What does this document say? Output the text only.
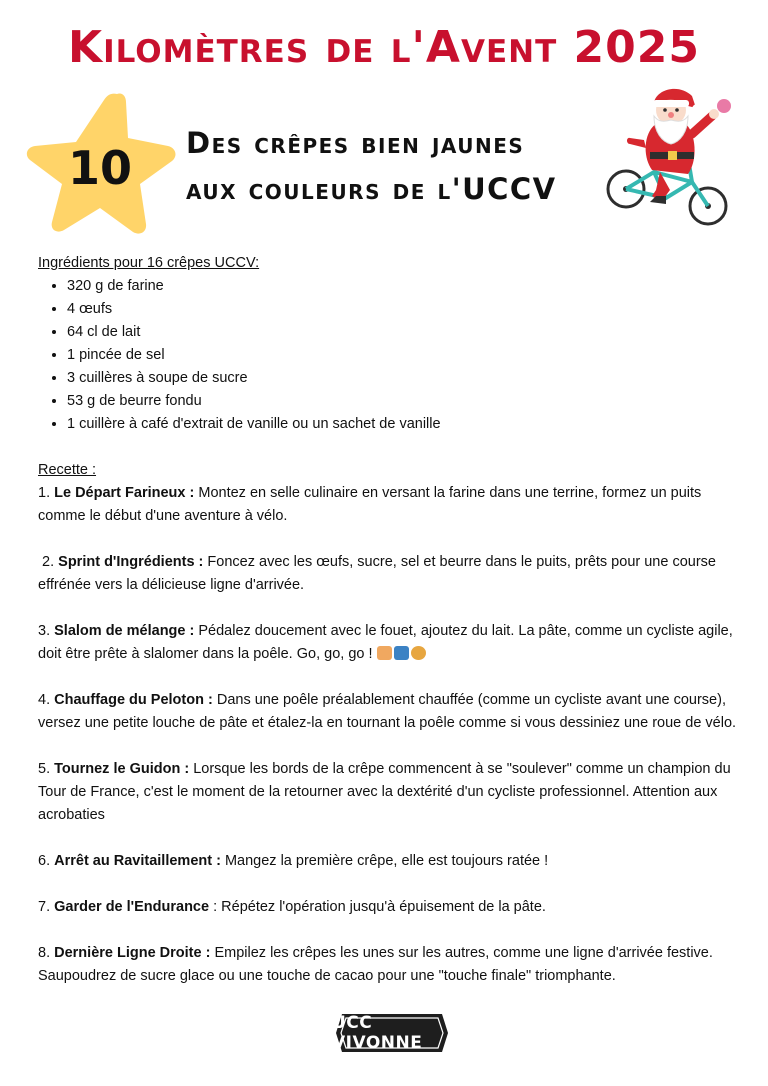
Kilomètres de l'Avent 2025
10	Des crêpes bien jaunes
aux couleurs de l'UCCV

Ingrédients pour 16 crêpes UCCV:

• 320 g de farine
• 4 œufs
• 64 cl de lait
• 1 pincée de sel
• 3 cuillères à soupe de sucre
• 53 g de beurre fondu
• 1 cuillère à café d'extrait de vanille ou un sachet de vanille

Recette :

1. Le Départ Farineux : Montez en selle culinaire en versant la farine dans une terrine, formez un puits comme le début d'une aventure à vélo.

2. Sprint d'Ingrédients : Foncez avec les œufs, sucre, sel et beurre dans le puits, prêts pour une course effrénée vers la délicieuse ligne d'arrivée.

3. Slalom de mélange : Pédalez doucement avec le fouet, ajoutez du lait. La pâte, comme un cycliste agile, doit être prête à slalomer dans la poêle. Go, go, go !

4. Chauffage du Peloton : Dans une poêle préalablement chauffée (comme un cycliste avant une course), versez une petite louche de pâte et étalez-la en tournant la poêle comme si vous dessiniez une roue de vélo.

5. Tournez le Guidon : Lorsque les bords de la crêpe commencent à se "soulever" comme un champion du Tour de France, c'est le moment de la retourner avec la dextérité d'un cycliste professionnel. Attention aux acrobaties

6. Arrêt au Ravitaillement : Mangez la première crêpe, elle est toujours ratée !

7. Garder de l'Endurance : Répétez l'opération jusqu'à épuisement de la pâte.

8. Dernière Ligne Droite : Empilez les crêpes les unes sur les autres, comme une ligne d'arrivée festive. Saupoudrez de sucre glace ou une touche de cacao pour une "touche finale" triomphante.

UCC VIVONNE
